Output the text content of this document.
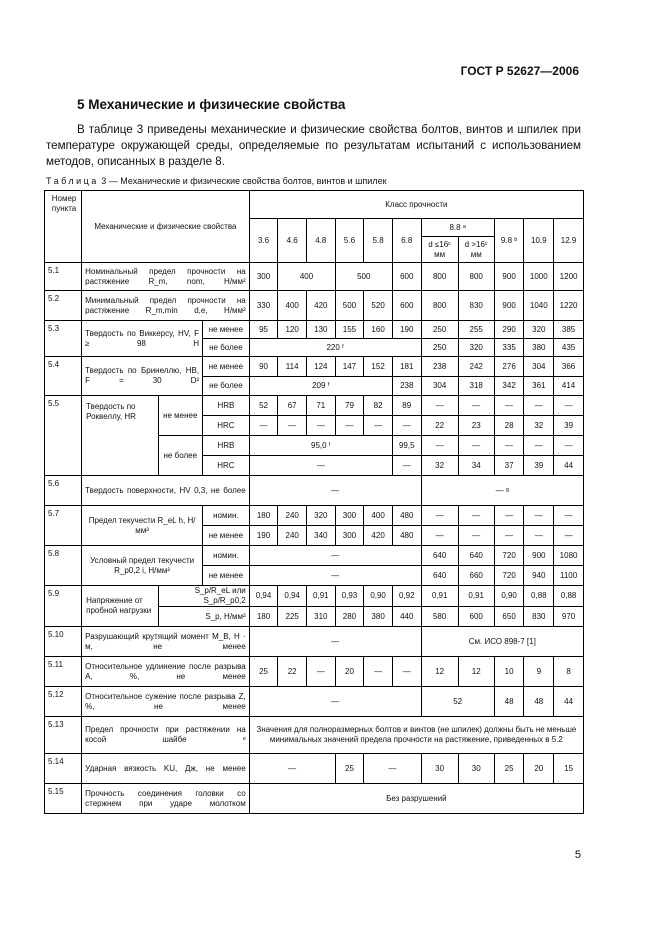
ГОСТ Р 52627—2006
5 Механические и физические свойства
В таблице 3 приведены механические и физические свойства болтов, винтов и шпилек при температуре окружающей среды, определяемые по результатам испытаний с использованием методов, описанных в разделе 8.
Таблица 3 — Механические и физические свойства болтов, винтов и шпилек
Номер пункта	Механические и физические свойства			Класс прочности										
				3.6	4.6	4.8	5.6	5.8	6.8	8.8 ᵃ		9.8 ᵇ	10.9	12.9
										d ≤16ᶜ мм	d >16ᶜ мм			
5.1	Номинальный предел прочности на растяжение R_m, nom, Н/мм²			300	400		500		600	800	800	900	1000	1200
5.2	Минимальный предел прочности на растяжение R_m,min d,e, Н/мм²			330	400	420	500	520	600	800	830	900	1040	1220
5.3	Твердость по Виккерсу, HV, F ≥ 98 Н		не менее	95	120	130	155	160	190	250	255	290	320	385
			не более	220 ᶠ						250	320	335	380	435
5.4	Твердость по Бринеллю, HB, F = 30 D²		не менее	90	114	124	147	152	181	238	242	276	304	366
			не более	209 ᶠ					238	304	318	342	361	414
5.5	Твердость по Роквеллу, HR	не менее	HRB	52	67	71	79	82	89	—	—	—	—	—
			HRC	—	—	—	—	—	—	22	23	28	32	39
		не более	HRB	95,0 ᶠ					99,5	—	—	—	—	—
			HRC	—					—	32	34	37	39	44
5.6	Твердость поверхности, HV 0,3, не более			—						— ᵍ				
5.7	Предел текучести R_eL h, Н/мм²		номин.	180	240	320	300	400	480	—	—	—	—	—
			не менее	190	240	340	300	420	480	—	—	—	—	—
5.8	Условный предел текучести R_p0,2 i, Н/мм²		номин.	—						640	640	720	900	1080
			не менее	—						640	660	720	940	1100
5.9	Напряжение от пробной нагрузки	S_p/R_eL или S_p/R_p0,2		0,94	0,94	0,91	0,93	0,90	0,92	0,91	0,91	0,90	0,88	0,88
		S_p, Н/мм²		180	225	310	280	380	440	580	600	650	830	970
5.10	Разрушающий крутящий момент M_B, Н · м, не менее			—						См. ИСО 898-7 [1]				
5.11	Относительное удлинение после разрыва A, %, не менее			25	22	—	20	—	—	12	12	10	9	8
5.12	Относительное сужение после разрыва Z, %, не менее			—						52		48	48	44
5.13	Предел прочности при растяжении на косой шайбе ᵉ			Значения для полноразмерных болтов и винтов (не шпилек) должны быть не меньше минимальных значений предела прочности на растяжение, приведенных в 5.2										
5.14	Ударная вязкость KU, Дж, не менее			—			25	—		30	30	25	20	15
5.15	Прочность соединения головки со стержнем при ударе молотком			Без разрушений										
5
